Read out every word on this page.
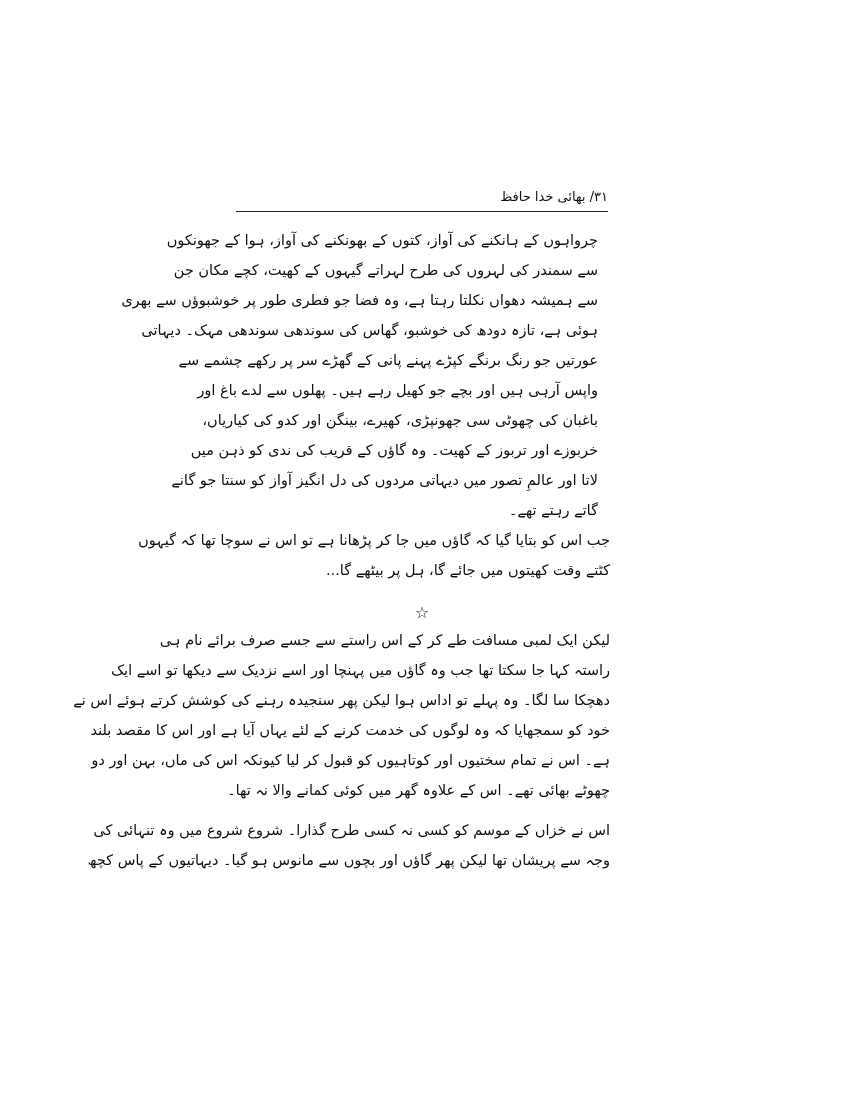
۳۱/ بھائی خدا حافظ
چرواہوں کے ہانکنے کی آواز، کتوں کے بھونکنے کی آواز، ہوا کے جھونکوں
سے سمندر کی لہروں کی طرح لہراتے گیہوں کے کھیت، کچے مکان جن
سے ہمیشہ دھواں نکلتا رہتا ہے، وہ فضا جو فطری طور پر خوشبوؤں سے بھری
ہوئی ہے، تازہ دودھ کی خوشبو، گھاس کی سوندھی سوندھی مہک۔ دیہاتی
عورتیں جو رنگ برنگے کپڑے پہنے پانی کے گھڑے سر پر رکھے چشمے سے
واپس آرہی ہیں اور بچے جو کھیل رہے ہیں۔ پھلوں سے لدے باغ اور
باغبان کی چھوٹی سی جھونپڑی، کھیرے، بینگن اور کدو کی کیاریاں،
خربوزے اور تربوز کے کھیت۔ وہ گاؤں کے قریب کی ندی کو ذہن میں
لاتا اور عالمِ تصور میں دیہاتی مردوں کی دل انگیز آواز کو سنتا جو گانے
گاتے رہتے تھے۔
جب اس کو بتایا گیا کہ گاؤں میں جا کر پڑھانا ہے تو اس نے سوچا تھا کہ گیہوں
کٹتے وقت کھیتوں میں جائے گا، ہل پر بیٹھے گا...
☆
لیکن ایک لمبی مسافت طے کر کے اس راستے سے جسے صرف برائے نام ہی
راستہ کہا جا سکتا تھا جب وہ گاؤں میں پہنچا اور اسے نزدیک سے دیکھا تو اسے ایک
دھچکا سا لگا۔ وہ پہلے تو اداس ہوا لیکن پھر سنجیدہ رہنے کی کوشش کرتے ہوئے اس نے
خود کو سمجھایا کہ وہ لوگوں کی خدمت کرنے کے لئے یہاں آیا ہے اور اس کا مقصد بلند
ہے۔ اس نے تمام سختیوں اور کوتاہیوں کو قبول کر لیا کیونکہ اس کی ماں، بہن اور دو
چھوٹے بھائی تھے۔ اس کے علاوہ گھر میں کوئی کمانے والا نہ تھا۔
اس نے خزاں کے موسم کو کسی نہ کسی طرح گذارا۔ شروع شروع میں وہ تنہائی کی
وجہ سے پریشان تھا لیکن پھر گاؤں اور بچوں سے مانوس ہو گیا۔ دیہاتیوں کے پاس کچھ
